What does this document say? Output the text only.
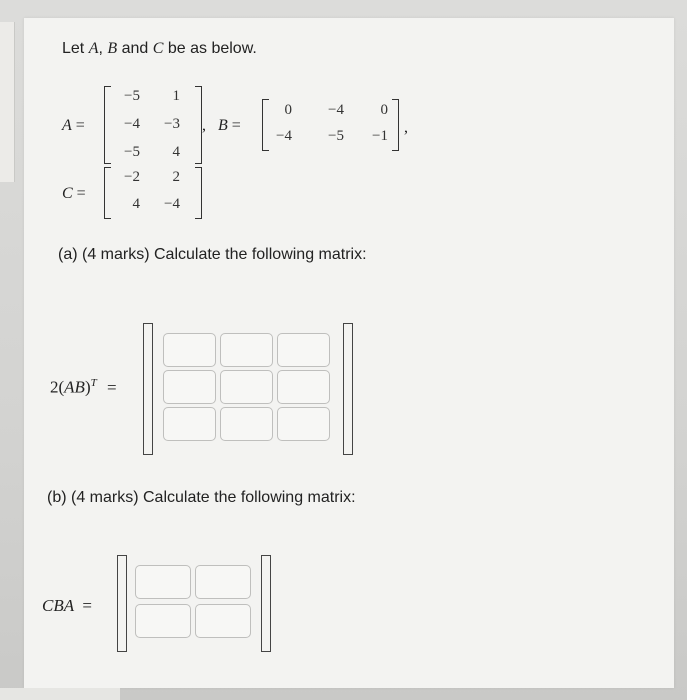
Let A, B and C be as below.
A =
−5	1
−4	−3
−5	4
, B =
0	−4	0
−4	−5	−1 ,
C =
−2	2
4	−4
(a) (4 marks) Calculate the following matrix:
2(AB)$^T$ =
(b) (4 marks) Calculate the following matrix:
CBA =
